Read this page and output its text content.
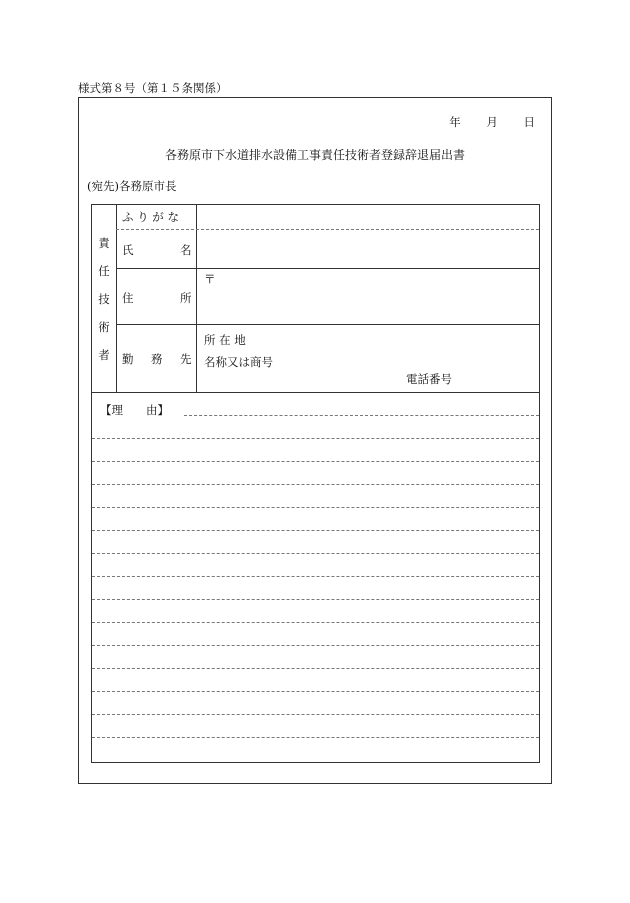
様式第８号（第１５条関係）
年 月 日
各務原市下水道排水設備工事責任技術者登録辞退届出書
(宛先)各務原市長
責
任
技
術
者
ふ り が な
氏	名
〒
住	所
所 在 地
勤 務 先 名称又は商号
電話番号
【理　　由】
